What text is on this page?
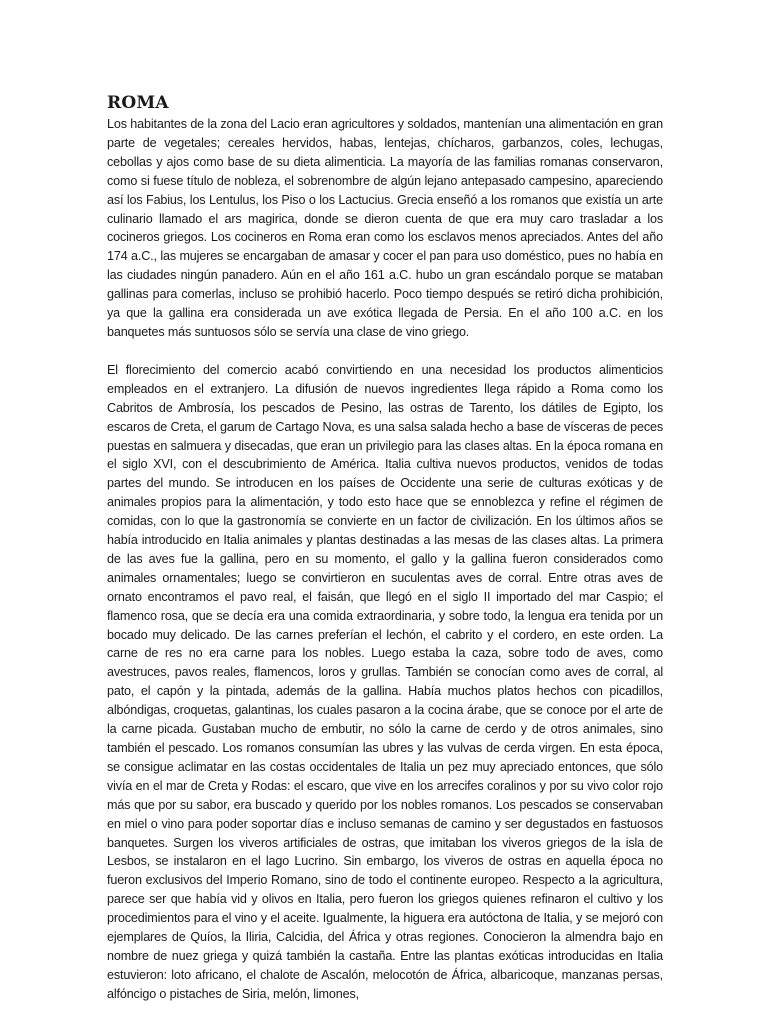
ROMA

Los habitantes de la zona del Lacio eran agricultores y soldados, mantenían una alimentación en gran parte de vegetales; cereales hervidos, habas, lentejas, chícharos, garbanzos, coles, lechugas, cebollas y ajos como base de su dieta alimenticia. La mayoría de las familias romanas conservaron, como si fuese título de nobleza, el sobrenombre de algún lejano antepasado campesino, apareciendo así los Fabius, los Lentulus, los Piso o los Lactucius. Grecia enseñó a los romanos que existía un arte culinario llamado el ars magirica, donde se dieron cuenta de que era muy caro trasladar a los cocineros griegos. Los cocineros en Roma eran como los esclavos menos apreciados. Antes del año 174 a.C., las mujeres se encargaban de amasar y cocer el pan para uso doméstico, pues no había en las ciudades ningún panadero. Aún en el año 161 a.C. hubo un gran escándalo porque se mataban gallinas para comerlas, incluso se prohibió hacerlo. Poco tiempo después se retiró dicha prohibición, ya que la gallina era considerada un ave exótica llegada de Persia. En el año 100 a.C. en los banquetes más suntuosos sólo se servía una clase de vino griego.

El florecimiento del comercio acabó convirtiendo en una necesidad los productos alimenticios empleados en el extranjero. La difusión de nuevos ingredientes llega rápido a Roma como los Cabritos de Ambrosía, los pescados de Pesino, las ostras de Tarento, los dátiles de Egipto, los escaros de Creta, el garum de Cartago Nova, es una salsa salada hecho a base de vísceras de peces puestas en salmuera y disecadas, que eran un privilegio para las clases altas. En la época romana en el siglo XVI, con el descubrimiento de América. Italia cultiva nuevos productos, venidos de todas partes del mundo. Se introducen en los países de Occidente una serie de culturas exóticas y de animales propios para la alimentación, y todo esto hace que se ennoblezca y refine el régimen de comidas, con lo que la gastronomía se convierte en un factor de civilización. En los últimos años se había introducido en Italia animales y plantas destinadas a las mesas de las clases altas. La primera de las aves fue la gallina, pero en su momento, el gallo y la gallina fueron considerados como animales ornamentales; luego se convirtieron en suculentas aves de corral. Entre otras aves de ornato encontramos el pavo real, el faisán, que llegó en el siglo II importado del mar Caspio; el flamenco rosa, que se decía era una comida extraordinaria, y sobre todo, la lengua era tenida por un bocado muy delicado. De las carnes preferían el lechón, el cabrito y el cordero, en este orden. La carne de res no era carne para los nobles. Luego estaba la caza, sobre todo de aves, como avestruces, pavos reales, flamencos, loros y grullas. También se conocían como aves de corral, al pato, el capón y la pintada, además de la gallina. Había muchos platos hechos con picadillos, albóndigas, croquetas, galantinas, los cuales pasaron a la cocina árabe, que se conoce por el arte de la carne picada. Gustaban mucho de embutir, no sólo la carne de cerdo y de otros animales, sino también el pescado. Los romanos consumían las ubres y las vulvas de cerda virgen. En esta época, se consigue aclimatar en las costas occidentales de Italia un pez muy apreciado entonces, que sólo vivía en el mar de Creta y Rodas: el escaro, que vive en los arrecifes coralinos y por su vivo color rojo más que por su sabor, era buscado y querido por los nobles romanos. Los pescados se conservaban en miel o vino para poder soportar días e incluso semanas de camino y ser degustados en fastuosos banquetes. Surgen los viveros artificiales de ostras, que imitaban los viveros griegos de la isla de Lesbos, se instalaron en el lago Lucrino. Sin embargo, los viveros de ostras en aquella época no fueron exclusivos del Imperio Romano, sino de todo el continente europeo. Respecto a la agricultura, parece ser que había vid y olivos en Italia, pero fueron los griegos quienes refinaron el cultivo y los procedimientos para el vino y el aceite. Igualmente, la higuera era autóctona de Italia, y se mejoró con ejemplares de Quíos, la Iliria, Calcidia, del África y otras regiones. Conocieron la almendra bajo en nombre de nuez griega y quizá también la castaña. Entre las plantas exóticas introducidas en Italia estuvieron: loto africano, el chalote de Ascalón, melocotón de África, albaricoque, manzanas persas, alfóncigo o pistaches de Siria, melón, limones,
